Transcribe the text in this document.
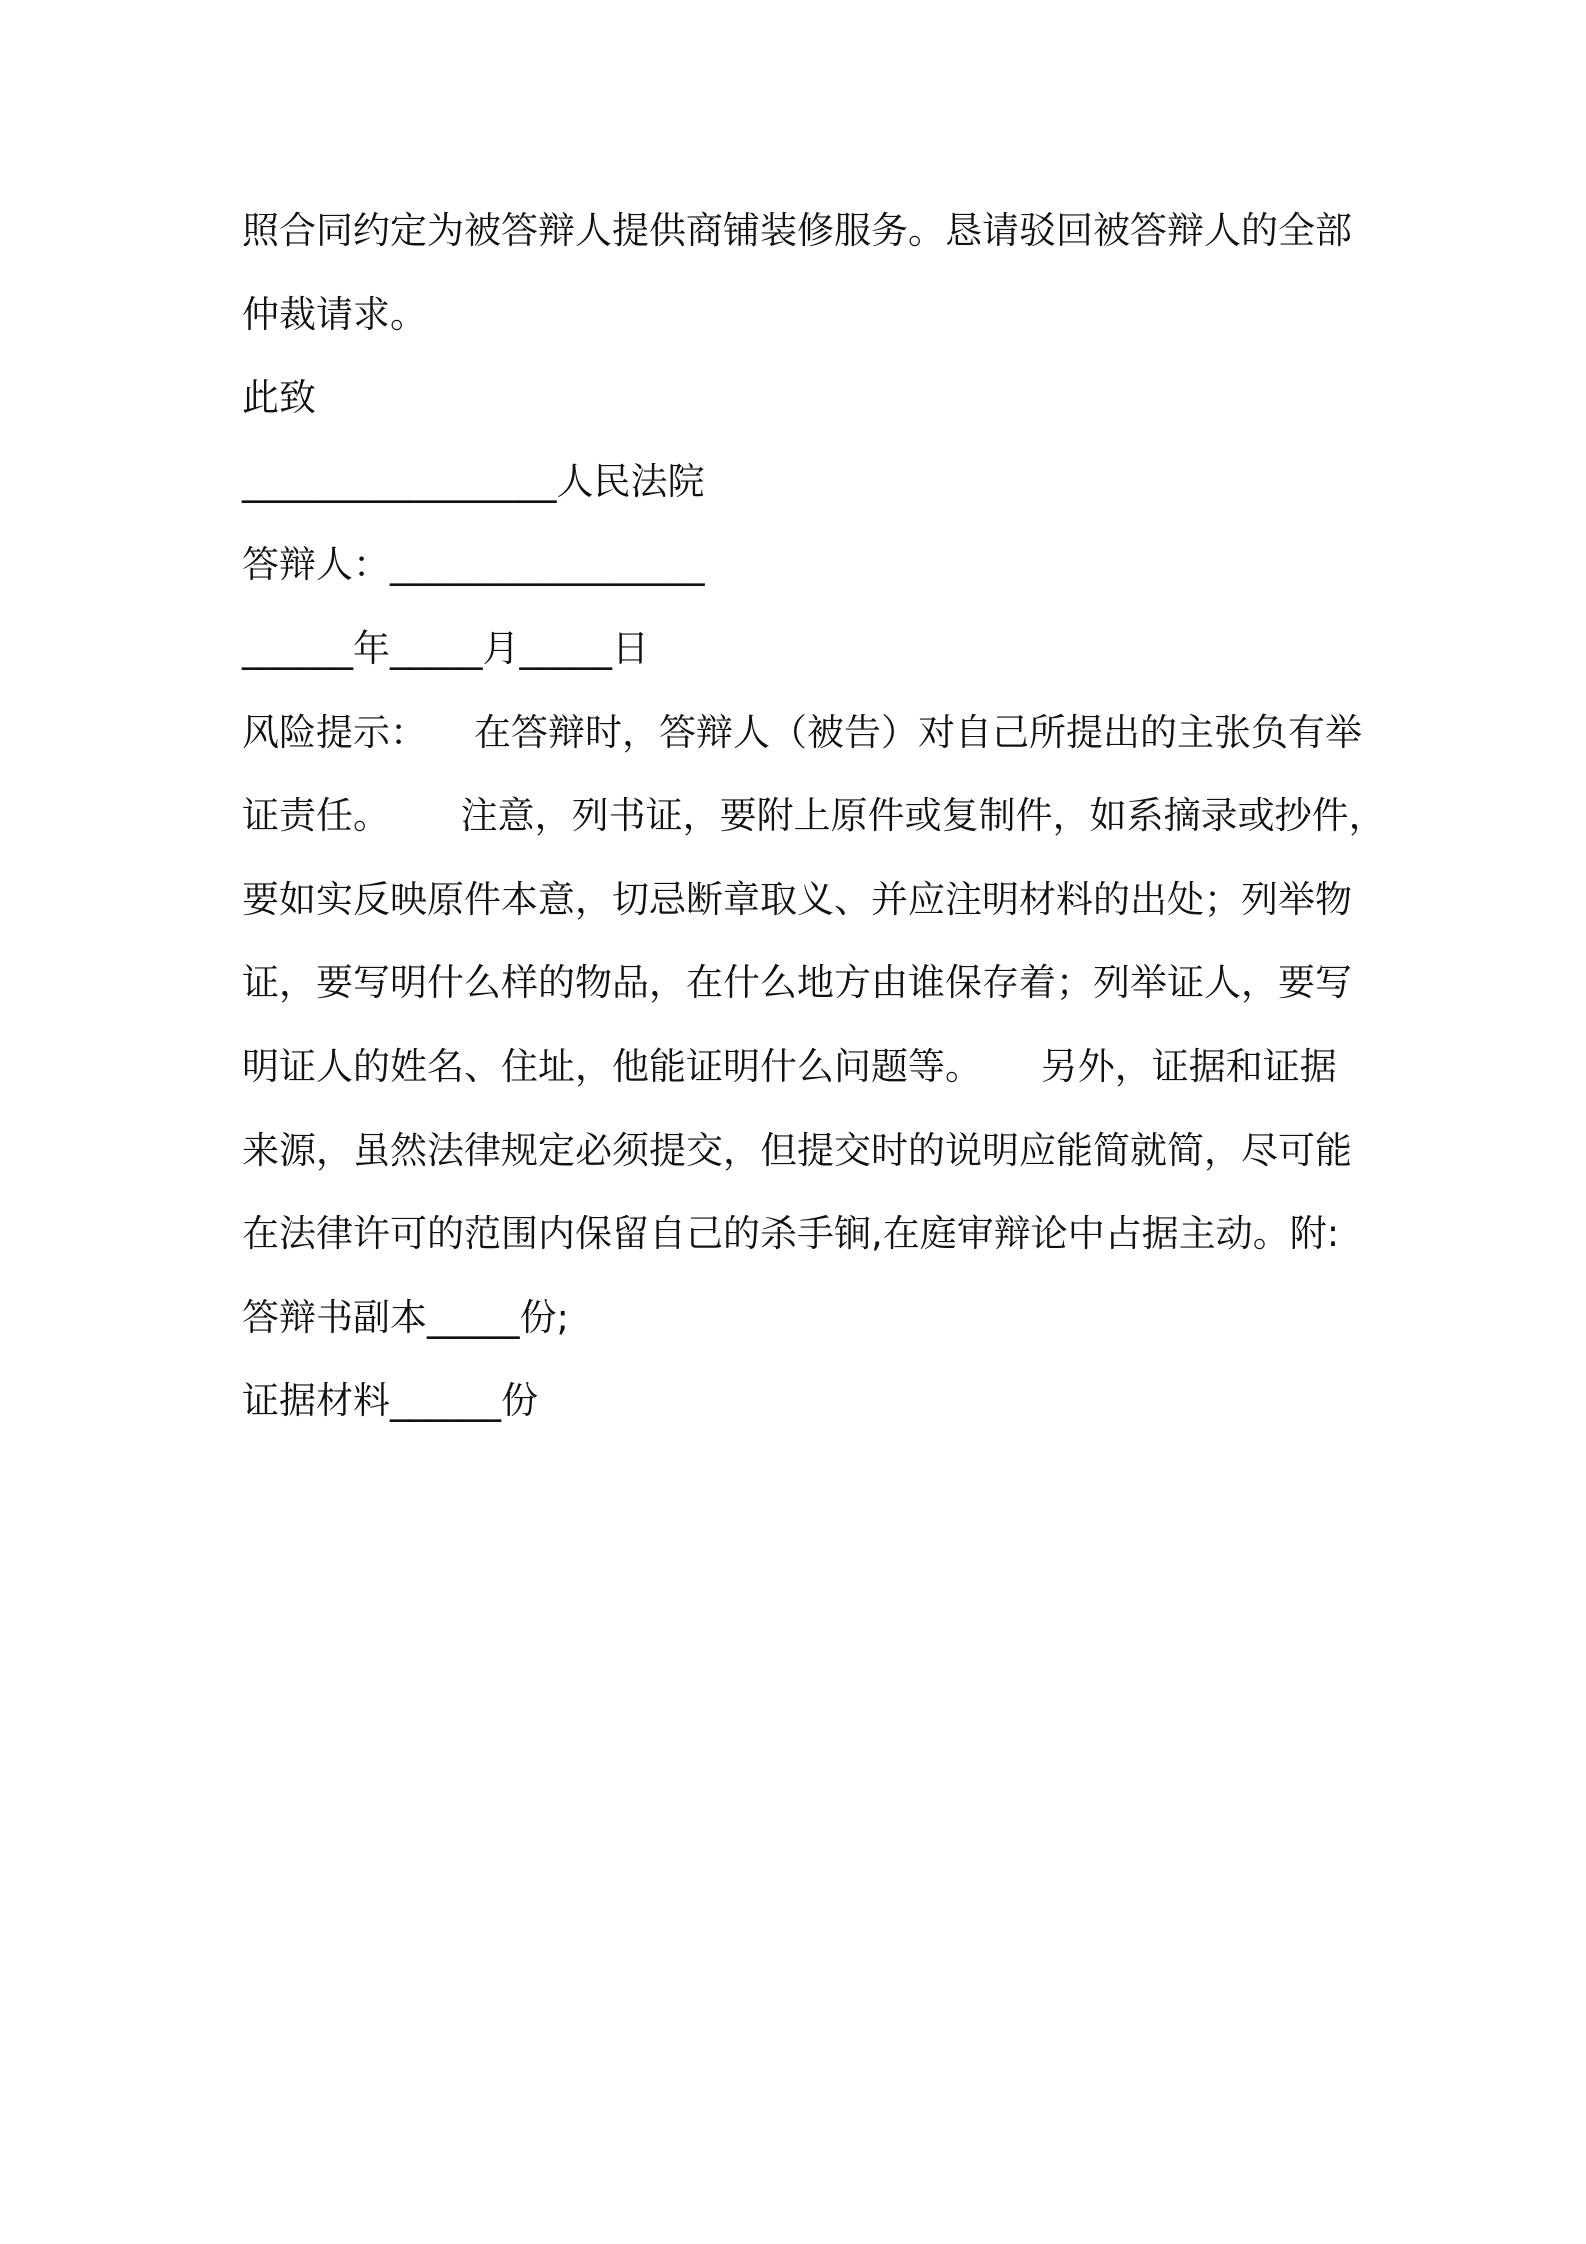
照合同约定为被答辩人提供商铺装修服务。恳请驳回被答辩人的全部
仲裁请求。
此致
_________________人民法院
答辩人：_________________
______年_____月_____日
风险提示：    在答辩时，答辩人（被告）对自己所提出的主张负有举
证责任。      注意，列书证，要附上原件或复制件，如系摘录或抄件，
要如实反映原件本意，切忌断章取义、并应注明材料的出处；列举物
证，要写明什么样的物品，在什么地方由谁保存着；列举证人，要写
明证人的姓名、住址，他能证明什么问题等。     另外，证据和证据
来源，虽然法律规定必须提交，但提交时的说明应能简就简，尽可能
在法律许可的范围内保留自己的杀手锏,在庭审辩论中占据主动。附:
答辩书副本_____份;
证据材料______份
